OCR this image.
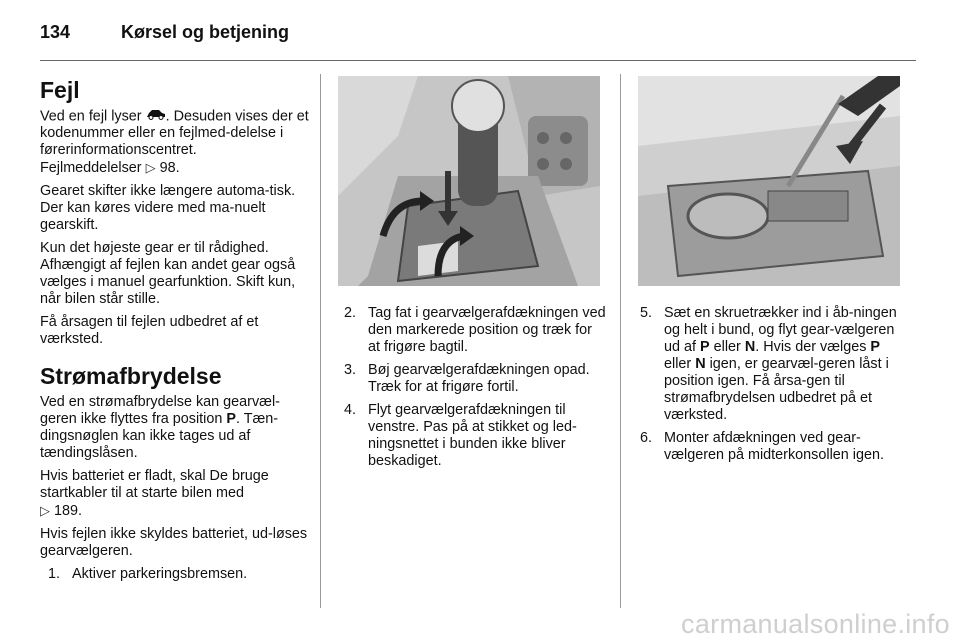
134	Kørsel og betjening
Fejl

Ved en fejl lyser . Desuden vises der et kodenummer eller en fejlmed-delelse i førerinformationscentret.
Fejlmeddelelser ▷ 98.

Gearet skifter ikke længere automa-tisk. Der kan køres videre med ma-nuelt gearskift.

Kun det højeste gear er til rådighed. Afhængigt af fejlen kan andet gear også vælges i manuel gearfunktion. Skift kun, når bilen står stille.

Få årsagen til fejlen udbedret af et værksted.

Strømafbrydelse

Ved en strømafbrydelse kan gearvæl-geren ikke flyttes fra position P. Tæn-dingsnøglen kan ikke tages ud af tændingslåsen.

Hvis batteriet er fladt, skal De bruge startkabler til at starte bilen med
▷ 189.

Hvis fejlen ikke skyldes batteriet, ud-løses gearvælgeren.

1. Aktiver parkeringsbremsen.
2. Tag fat i gearvælgerafdækningen ved den markerede position og træk for at frigøre bagtil.
3. Bøj gearvælgerafdækningen opad. Træk for at frigøre fortil.
4. Flyt gearvælgerafdækningen til venstre. Pas på at stikket og led-ningsnettet i bunden ikke bliver beskadiget.
5. Sæt en skruetrækker ind i åb-ningen og helt i bund, og flyt gear-vælgeren ud af P eller N. Hvis der vælges P eller N igen, er gearvæl-geren låst i position igen. Få årsa-gen til strømafbrydelsen udbedret på et værksted.
6. Monter afdækningen ved gear-vælgeren på midterkonsollen igen.
carmanualsonline.info
